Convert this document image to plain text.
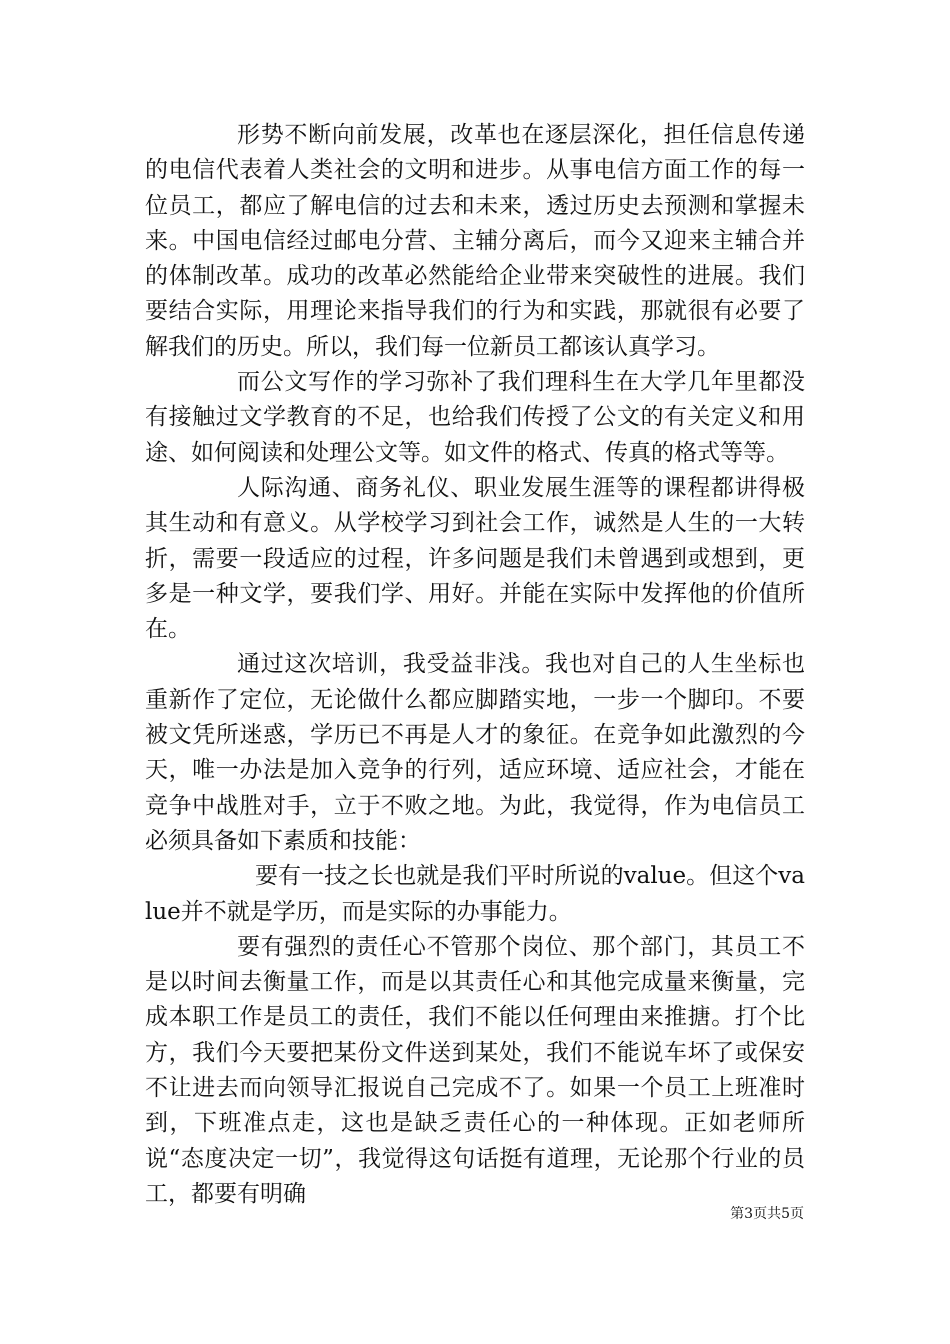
形势不断向前发展，改革也在逐层深化，担任信息传递的电信代表着人类社会的文明和进步。从事电信方面工作的每一位员工，都应了解电信的过去和未来，透过历史去预测和掌握未来。中国电信经过邮电分营、主辅分离后，而今又迎来主辅合并的体制改革。成功的改革必然能给企业带来突破性的进展。我们要结合实际，用理论来指导我们的行为和实践，那就很有必要了解我们的历史。所以，我们每一位新员工都该认真学习。

而公文写作的学习弥补了我们理科生在大学几年里都没有接触过文学教育的不足，也给我们传授了公文的有关定义和用途、如何阅读和处理公文等。如文件的格式、传真的格式等等。

人际沟通、商务礼仪、职业发展生涯等的课程都讲得极其生动和有意义。从学校学习到社会工作，诚然是人生的一大转折，需要一段适应的过程，许多问题是我们未曾遇到或想到，更多是一种文学，要我们学、用好。并能在实际中发挥他的价值所在。

通过这次培训，我受益非浅。我也对自己的人生坐标也重新作了定位，无论做什么都应脚踏实地，一步一个脚印。不要被文凭所迷惑，学历已不再是人才的象征。在竞争如此激烈的今天，唯一办法是加入竞争的行列，适应环境、适应社会，才能在竞争中战胜对手，立于不败之地。为此，我觉得，作为电信员工必须具备如下素质和技能：

要有一技之长也就是我们平时所说的value。但这个value并不就是学历，而是实际的办事能力。

要有强烈的责任心不管那个岗位、那个部门，其员工不是以时间去衡量工作，而是以其责任心和其他完成量来衡量，完成本职工作是员工的责任，我们不能以任何理由来推搪。打个比方，我们今天要把某份文件送到某处，我们不能说车坏了或保安不让进去而向领导汇报说自己完成不了。如果一个员工上班准时到，下班准点走，这也是缺乏责任心的一种体现。正如老师所说“态度决定一切”，我觉得这句话挺有道理，无论那个行业的员工，都要有明确

第3页共5页
